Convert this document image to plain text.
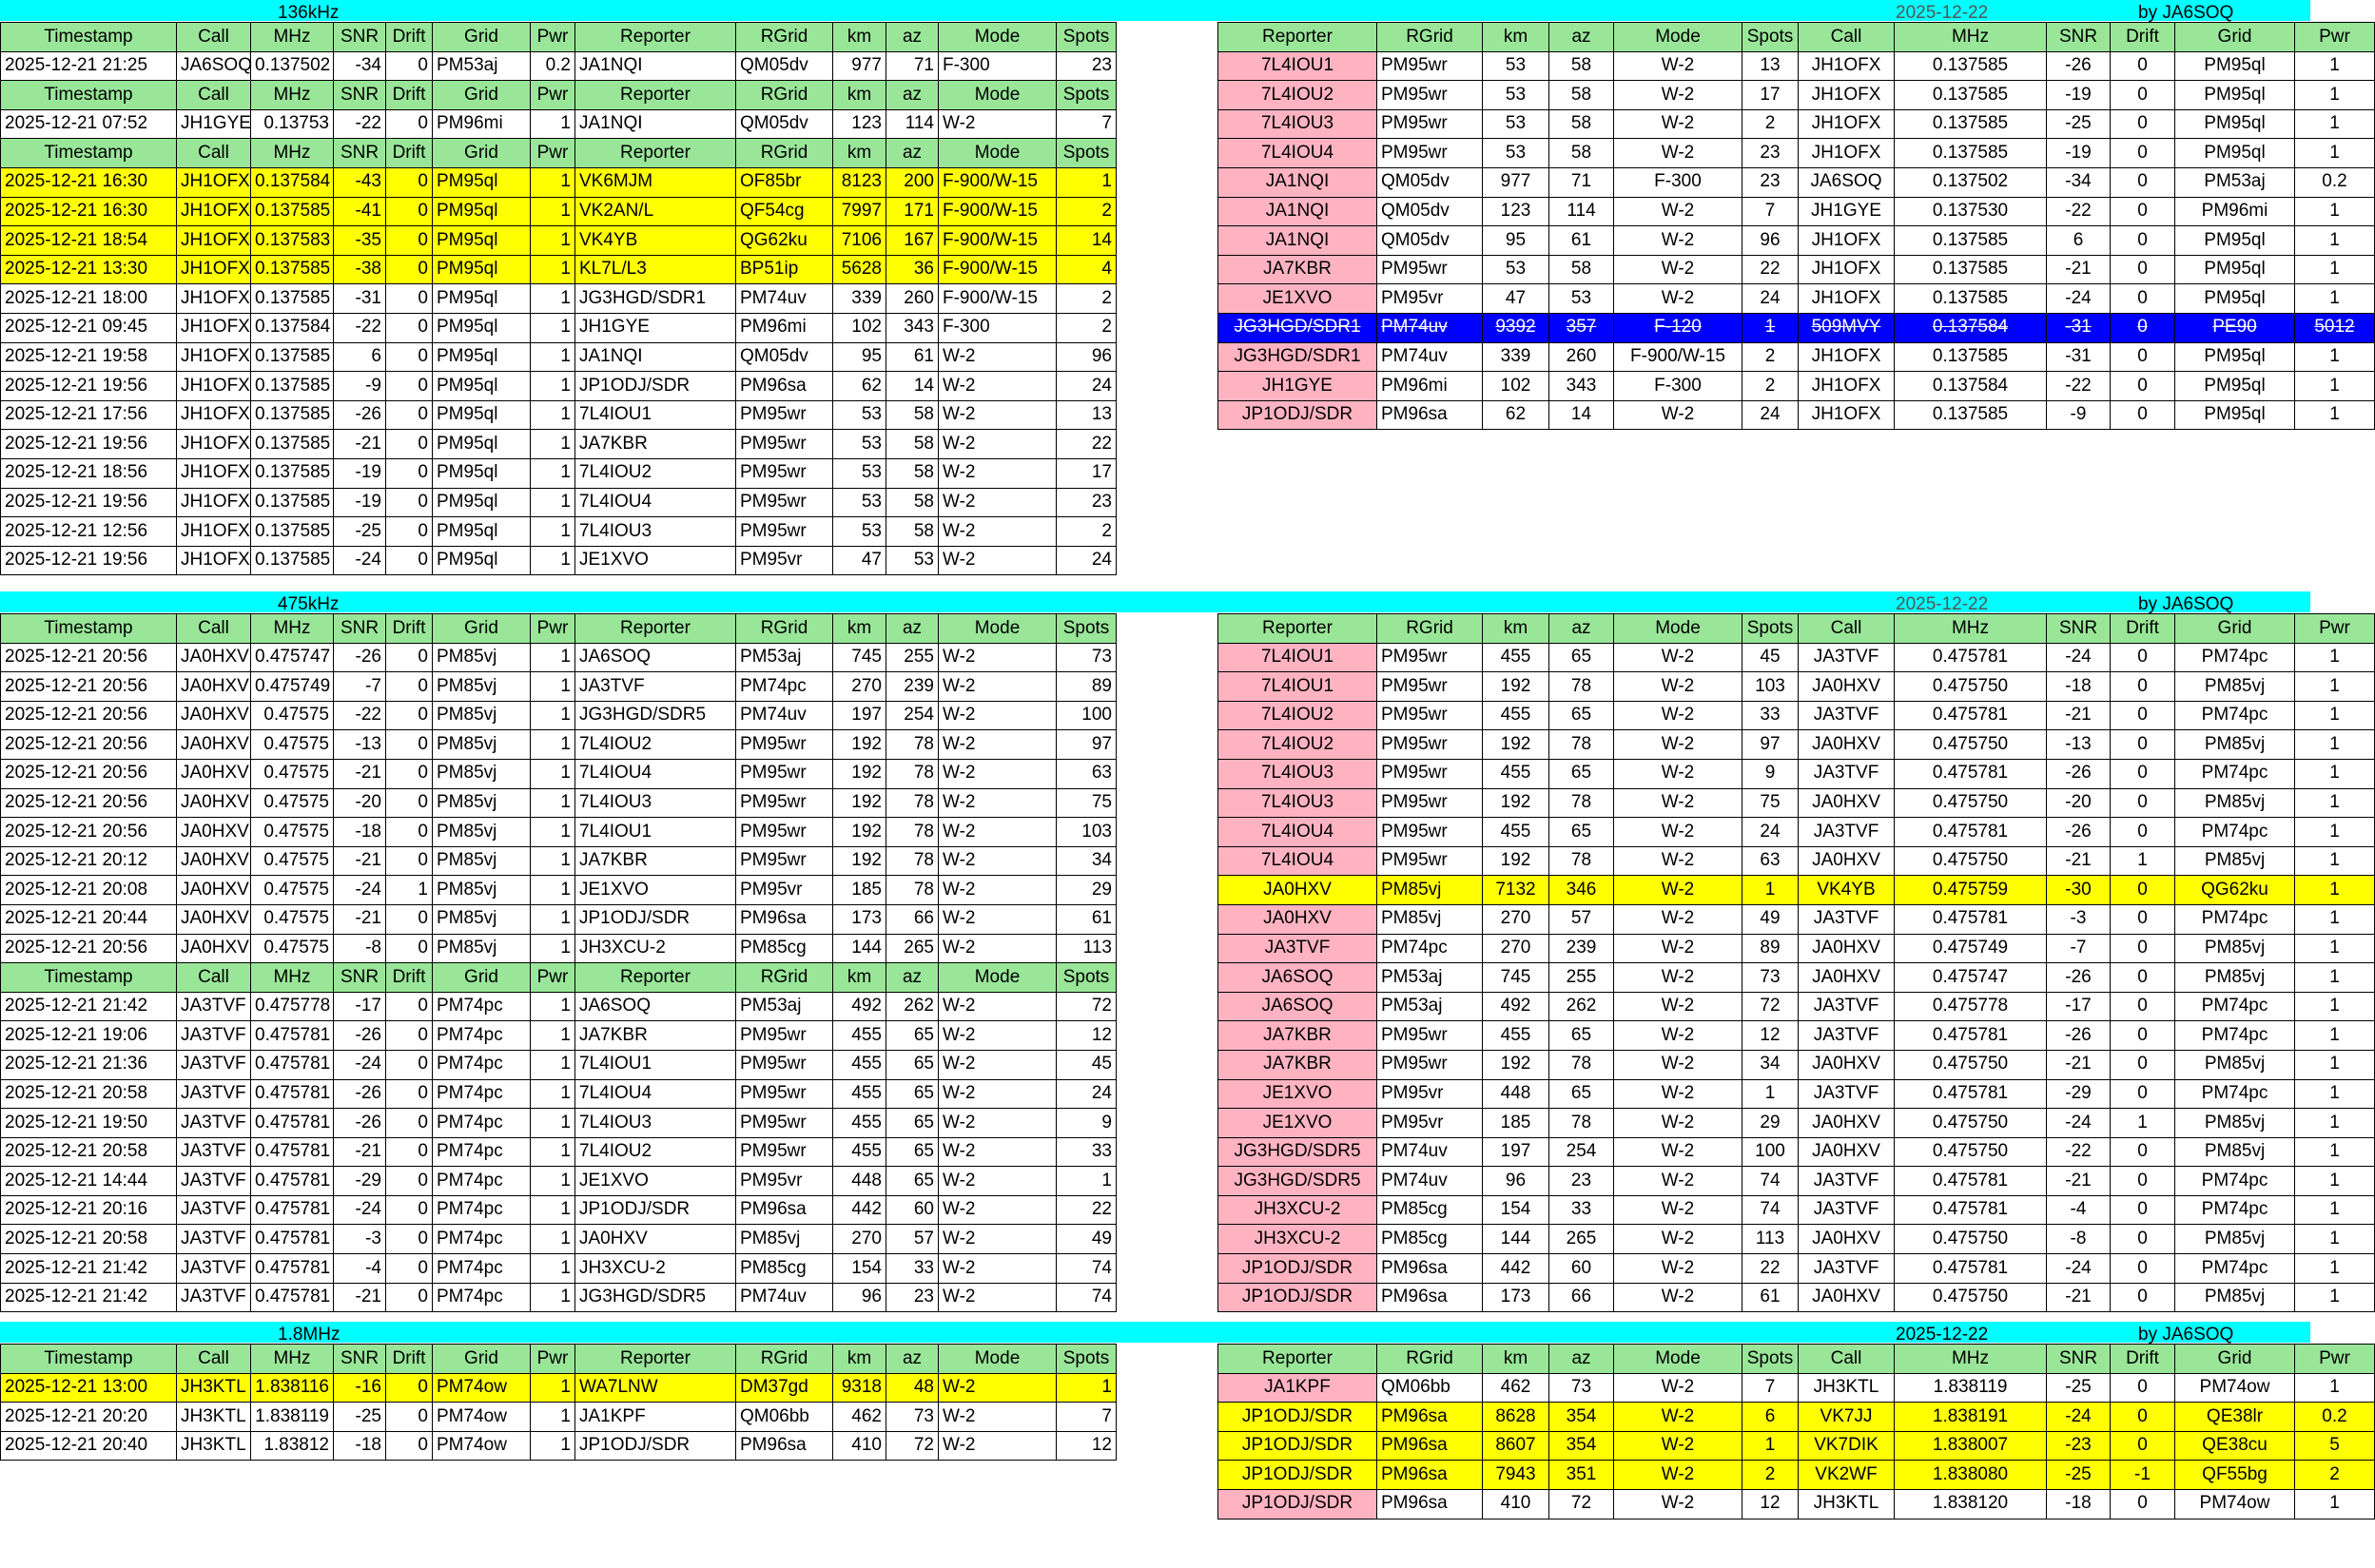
136kHz	2025-12-22	by JA6SOQ
Timestamp	Call	MHz	SNR	Drift	Grid	Pwr	Reporter	RGrid	km	az	Mode	Spots
2025-12-21 21:25	JA6SOQ	0.137502	-34	0	PM53aj	0.2	JA1NQI	QM05dv	977	71	F-300	23
Timestamp	Call	MHz	SNR	Drift	Grid	Pwr	Reporter	RGrid	km	az	Mode	Spots
2025-12-21 07:52	JH1GYE	0.13753	-22	0	PM96mi	1	JA1NQI	QM05dv	123	114	W-2	7
Timestamp	Call	MHz	SNR	Drift	Grid	Pwr	Reporter	RGrid	km	az	Mode	Spots
2025-12-21 16:30	JH1OFX	0.137584	-43	0	PM95ql	1	VK6MJM	OF85br	8123	200	F-900/W-15	1
2025-12-21 16:30	JH1OFX	0.137585	-41	0	PM95ql	1	VK2AN/L	QF54cg	7997	171	F-900/W-15	2
2025-12-21 18:54	JH1OFX	0.137583	-35	0	PM95ql	1	VK4YB	QG62ku	7106	167	F-900/W-15	14
2025-12-21 13:30	JH1OFX	0.137585	-38	0	PM95ql	1	KL7L/L3	BP51ip	5628	36	F-900/W-15	4
2025-12-21 18:00	JH1OFX	0.137585	-31	0	PM95ql	1	JG3HGD/SDR1	PM74uv	339	260	F-900/W-15	2
2025-12-21 09:45	JH1OFX	0.137584	-22	0	PM95ql	1	JH1GYE	PM96mi	102	343	F-300	2
2025-12-21 19:58	JH1OFX	0.137585	6	0	PM95ql	1	JA1NQI	QM05dv	95	61	W-2	96
2025-12-21 19:56	JH1OFX	0.137585	-9	0	PM95ql	1	JP1ODJ/SDR	PM96sa	62	14	W-2	24
2025-12-21 17:56	JH1OFX	0.137585	-26	0	PM95ql	1	7L4IOU1	PM95wr	53	58	W-2	13
2025-12-21 19:56	JH1OFX	0.137585	-21	0	PM95ql	1	JA7KBR	PM95wr	53	58	W-2	22
2025-12-21 18:56	JH1OFX	0.137585	-19	0	PM95ql	1	7L4IOU2	PM95wr	53	58	W-2	17
2025-12-21 19:56	JH1OFX	0.137585	-19	0	PM95ql	1	7L4IOU4	PM95wr	53	58	W-2	23
2025-12-21 12:56	JH1OFX	0.137585	-25	0	PM95ql	1	7L4IOU3	PM95wr	53	58	W-2	2
2025-12-21 19:56	JH1OFX	0.137585	-24	0	PM95ql	1	JE1XVO	PM95vr	47	53	W-2	24
Reporter	RGrid	km	az	Mode	Spots	Call	MHz	SNR	Drift	Grid	Pwr
7L4IOU1	PM95wr	53	58	W-2	13	JH1OFX	0.137585	-26	0	PM95ql	1
7L4IOU2	PM95wr	53	58	W-2	17	JH1OFX	0.137585	-19	0	PM95ql	1
7L4IOU3	PM95wr	53	58	W-2	2	JH1OFX	0.137585	-25	0	PM95ql	1
7L4IOU4	PM95wr	53	58	W-2	23	JH1OFX	0.137585	-19	0	PM95ql	1
JA1NQI	QM05dv	977	71	F-300	23	JA6SOQ	0.137502	-34	0	PM53aj	0.2
JA1NQI	QM05dv	123	114	W-2	7	JH1GYE	0.137530	-22	0	PM96mi	1
JA1NQI	QM05dv	95	61	W-2	96	JH1OFX	0.137585	6	0	PM95ql	1
JA7KBR	PM95wr	53	58	W-2	22	JH1OFX	0.137585	-21	0	PM95ql	1
JE1XVO	PM95vr	47	53	W-2	24	JH1OFX	0.137585	-24	0	PM95ql	1
JG3HGD/SDR1	PM74uv	9392	357	F-120	1	509MVY	0.137584	-31	0	PE90	5012
JG3HGD/SDR1	PM74uv	339	260	F-900/W-15	2	JH1OFX	0.137585	-31	0	PM95ql	1
JH1GYE	PM96mi	102	343	F-300	2	JH1OFX	0.137584	-22	0	PM95ql	1
JP1ODJ/SDR	PM96sa	62	14	W-2	24	JH1OFX	0.137585	-9	0	PM95ql	1
475kHz	2025-12-22	by JA6SOQ
Timestamp	Call	MHz	SNR	Drift	Grid	Pwr	Reporter	RGrid	km	az	Mode	Spots
2025-12-21 20:56	JA0HXV	0.475747	-26	0	PM85vj	1	JA6SOQ	PM53aj	745	255	W-2	73
2025-12-21 20:56	JA0HXV	0.475749	-7	0	PM85vj	1	JA3TVF	PM74pc	270	239	W-2	89
2025-12-21 20:56	JA0HXV	0.47575	-22	0	PM85vj	1	JG3HGD/SDR5	PM74uv	197	254	W-2	100
2025-12-21 20:56	JA0HXV	0.47575	-13	0	PM85vj	1	7L4IOU2	PM95wr	192	78	W-2	97
2025-12-21 20:56	JA0HXV	0.47575	-21	0	PM85vj	1	7L4IOU4	PM95wr	192	78	W-2	63
2025-12-21 20:56	JA0HXV	0.47575	-20	0	PM85vj	1	7L4IOU3	PM95wr	192	78	W-2	75
2025-12-21 20:56	JA0HXV	0.47575	-18	0	PM85vj	1	7L4IOU1	PM95wr	192	78	W-2	103
2025-12-21 20:12	JA0HXV	0.47575	-21	0	PM85vj	1	JA7KBR	PM95wr	192	78	W-2	34
2025-12-21 20:08	JA0HXV	0.47575	-24	1	PM85vj	1	JE1XVO	PM95vr	185	78	W-2	29
2025-12-21 20:44	JA0HXV	0.47575	-21	0	PM85vj	1	JP1ODJ/SDR	PM96sa	173	66	W-2	61
2025-12-21 20:56	JA0HXV	0.47575	-8	0	PM85vj	1	JH3XCU-2	PM85cg	144	265	W-2	113
Timestamp	Call	MHz	SNR	Drift	Grid	Pwr	Reporter	RGrid	km	az	Mode	Spots
2025-12-21 21:42	JA3TVF	0.475778	-17	0	PM74pc	1	JA6SOQ	PM53aj	492	262	W-2	72
2025-12-21 19:06	JA3TVF	0.475781	-26	0	PM74pc	1	JA7KBR	PM95wr	455	65	W-2	12
2025-12-21 21:36	JA3TVF	0.475781	-24	0	PM74pc	1	7L4IOU1	PM95wr	455	65	W-2	45
2025-12-21 20:58	JA3TVF	0.475781	-26	0	PM74pc	1	7L4IOU4	PM95wr	455	65	W-2	24
2025-12-21 19:50	JA3TVF	0.475781	-26	0	PM74pc	1	7L4IOU3	PM95wr	455	65	W-2	9
2025-12-21 20:58	JA3TVF	0.475781	-21	0	PM74pc	1	7L4IOU2	PM95wr	455	65	W-2	33
2025-12-21 14:44	JA3TVF	0.475781	-29	0	PM74pc	1	JE1XVO	PM95vr	448	65	W-2	1
2025-12-21 20:16	JA3TVF	0.475781	-24	0	PM74pc	1	JP1ODJ/SDR	PM96sa	442	60	W-2	22
2025-12-21 20:58	JA3TVF	0.475781	-3	0	PM74pc	1	JA0HXV	PM85vj	270	57	W-2	49
2025-12-21 21:42	JA3TVF	0.475781	-4	0	PM74pc	1	JH3XCU-2	PM85cg	154	33	W-2	74
2025-12-21 21:42	JA3TVF	0.475781	-21	0	PM74pc	1	JG3HGD/SDR5	PM74uv	96	23	W-2	74
Reporter	RGrid	km	az	Mode	Spots	Call	MHz	SNR	Drift	Grid	Pwr
7L4IOU1	PM95wr	455	65	W-2	45	JA3TVF	0.475781	-24	0	PM74pc	1
7L4IOU1	PM95wr	192	78	W-2	103	JA0HXV	0.475750	-18	0	PM85vj	1
7L4IOU2	PM95wr	455	65	W-2	33	JA3TVF	0.475781	-21	0	PM74pc	1
7L4IOU2	PM95wr	192	78	W-2	97	JA0HXV	0.475750	-13	0	PM85vj	1
7L4IOU3	PM95wr	455	65	W-2	9	JA3TVF	0.475781	-26	0	PM74pc	1
7L4IOU3	PM95wr	192	78	W-2	75	JA0HXV	0.475750	-20	0	PM85vj	1
7L4IOU4	PM95wr	455	65	W-2	24	JA3TVF	0.475781	-26	0	PM74pc	1
7L4IOU4	PM95wr	192	78	W-2	63	JA0HXV	0.475750	-21	1	PM85vj	1
JA0HXV	PM85vj	7132	346	W-2	1	VK4YB	0.475759	-30	0	QG62ku	1
JA0HXV	PM85vj	270	57	W-2	49	JA3TVF	0.475781	-3	0	PM74pc	1
JA3TVF	PM74pc	270	239	W-2	89	JA0HXV	0.475749	-7	0	PM85vj	1
JA6SOQ	PM53aj	745	255	W-2	73	JA0HXV	0.475747	-26	0	PM85vj	1
JA6SOQ	PM53aj	492	262	W-2	72	JA3TVF	0.475778	-17	0	PM74pc	1
JA7KBR	PM95wr	455	65	W-2	12	JA3TVF	0.475781	-26	0	PM74pc	1
JA7KBR	PM95wr	192	78	W-2	34	JA0HXV	0.475750	-21	0	PM85vj	1
JE1XVO	PM95vr	448	65	W-2	1	JA3TVF	0.475781	-29	0	PM74pc	1
JE1XVO	PM95vr	185	78	W-2	29	JA0HXV	0.475750	-24	1	PM85vj	1
JG3HGD/SDR5	PM74uv	197	254	W-2	100	JA0HXV	0.475750	-22	0	PM85vj	1
JG3HGD/SDR5	PM74uv	96	23	W-2	74	JA3TVF	0.475781	-21	0	PM74pc	1
JH3XCU-2	PM85cg	154	33	W-2	74	JA3TVF	0.475781	-4	0	PM74pc	1
JH3XCU-2	PM85cg	144	265	W-2	113	JA0HXV	0.475750	-8	0	PM85vj	1
JP1ODJ/SDR	PM96sa	442	60	W-2	22	JA3TVF	0.475781	-24	0	PM74pc	1
JP1ODJ/SDR	PM96sa	173	66	W-2	61	JA0HXV	0.475750	-21	0	PM85vj	1
1.8MHz	2025-12-22	by JA6SOQ
Timestamp	Call	MHz	SNR	Drift	Grid	Pwr	Reporter	RGrid	km	az	Mode	Spots
2025-12-21 13:00	JH3KTL	1.838116	-16	0	PM74ow	1	WA7LNW	DM37gd	9318	48	W-2	1
2025-12-21 20:20	JH3KTL	1.838119	-25	0	PM74ow	1	JA1KPF	QM06bb	462	73	W-2	7
2025-12-21 20:40	JH3KTL	1.83812	-18	0	PM74ow	1	JP1ODJ/SDR	PM96sa	410	72	W-2	12
Reporter	RGrid	km	az	Mode	Spots	Call	MHz	SNR	Drift	Grid	Pwr
JA1KPF	QM06bb	462	73	W-2	7	JH3KTL	1.838119	-25	0	PM74ow	1
JP1ODJ/SDR	PM96sa	8628	354	W-2	6	VK7JJ	1.838191	-24	0	QE38lr	0.2
JP1ODJ/SDR	PM96sa	8607	354	W-2	1	VK7DIK	1.838007	-23	0	QE38cu	5
JP1ODJ/SDR	PM96sa	7943	351	W-2	2	VK2WF	1.838080	-25	-1	QF55bg	2
JP1ODJ/SDR	PM96sa	410	72	W-2	12	JH3KTL	1.838120	-18	0	PM74ow	1
